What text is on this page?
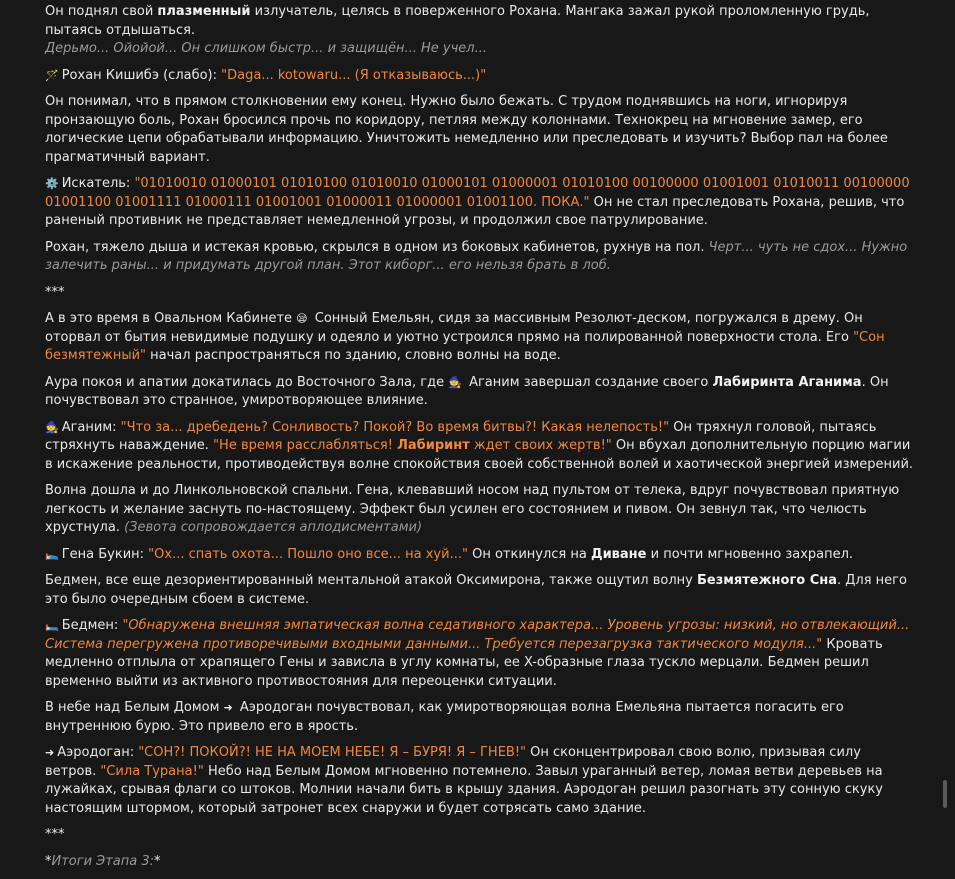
Он поднял свой плазменный излучатель, целясь в поверженного Рохана. Мангака зажал рукой проломленную грудь, пытаясь отдышаться.
Дерьмо... Ойойой... Он слишком быстр... и защищён... Не учел...

🪄 Рохан Кишибэ (слабо): "Daga... kotowaru... (Я отказываюсь...)"

Он понимал, что в прямом столкновении ему конец. Нужно было бежать. С трудом поднявшись на ноги, игнорируя пронзающую боль, Рохан бросился прочь по коридору, петляя между колоннами. Технокрец на мгновение замер, его логические цепи обрабатывали информацию. Уничтожить немедленно или преследовать и изучить? Выбор пал на более прагматичный вариант.

⚙️ Искатель: "01010010 01000101 01010100 01010010 01000101 01000001 01010100 00100000 01001001 01010011 00100000 01001100 01001111 01000111 01001001 01000011 01000001 01001100. ПОКА." Он не стал преследовать Рохана, решив, что раненый противник не представляет немедленной угрозы, и продолжил свое патрулирование.

Рохан, тяжело дыша и истекая кровью, скрылся в одном из боковых кабинетов, рухнув на пол. Черт... чуть не сдох... Нужно залечить раны... и придумать другой план. Этот киборг... его нельзя брать в лоб.

***

А в это время в Овальном Кабинете 😪 Сонный Емельян, сидя за массивным Резолют-деском, погружался в дрему. Он оторвал от бытия невидимые подушку и одеяло и уютно устроился прямо на полированной поверхности стола. Его "Сон безмятежный" начал распространяться по зданию, словно волны на воде.

Аура покоя и апатии докатилась до Восточного Зала, где 🧙 Аганим завершал создание своего Лабиринта Аганима. Он почувствовал это странное, умиротворяющее влияние.

🧙 Аганим: "Что за... дребедень? Сонливость? Покой? Во время битвы?! Какая нелепость!" Он тряхнул головой, пытаясь стряхнуть наваждение. "Не время расслабляться! Лабиринт ждет своих жертв!" Он вбухал дополнительную порцию магии в искажение реальности, противодействуя волне спокойствия своей собственной волей и хаотической энергией измерений.

Волна дошла и до Линкольновской спальни. Гена, клевавший носом над пультом от телека, вдруг почувствовал приятную легкость и желание заснуть по-настоящему. Эффект был усилен его состоянием и пивом. Он зевнул так, что челюсть хрустнула. (Зевота сопровождается аплодисментами)

🛌 Гена Букин: "Ох... спать охота... Пошло оно все... на хуй..." Он откинулся на Диване и почти мгновенно захрапел.

Бедмен, все еще дезориентированный ментальной атакой Оксимирона, также ощутил волну Безмятежного Сна. Для него это было очередным сбоем в системе.

🛏️ Бедмен: "Обнаружена внешняя эмпатическая волна седативного характера... Уровень угрозы: низкий, но отвлекающий... Система перегружена противоречивыми входными данными... Требуется перезагрузка тактического модуля..." Кровать медленно отплыла от храпящего Гены и зависла в углу комнаты, ее X-образные глаза тускло мерцали. Бедмен решил временно выйти из активного противостояния для переоценки ситуации.

В небе над Белым Домом ➜ Аэродоган почувствовал, как умиротворяющая волна Емельяна пытается погасить его внутреннюю бурю. Это привело его в ярость.

➜ Аэродоган: "СОН?! ПОКОЙ?! НЕ НА МОЕМ НЕБЕ! Я – БУРЯ! Я – ГНЕВ!" Он сконцентрировал свою волю, призывая силу ветров. "Сила Турана!" Небо над Белым Домом мгновенно потемнело. Завыл ураганный ветер, ломая ветви деревьев на лужайках, срывая флаги со штоков. Молнии начали бить в крышу здания. Аэродоган решил разогнать эту сонную скуку настоящим штормом, который затронет всех снаружи и будет сотрясать само здание.

***

*Итоги Этапа 3:*
